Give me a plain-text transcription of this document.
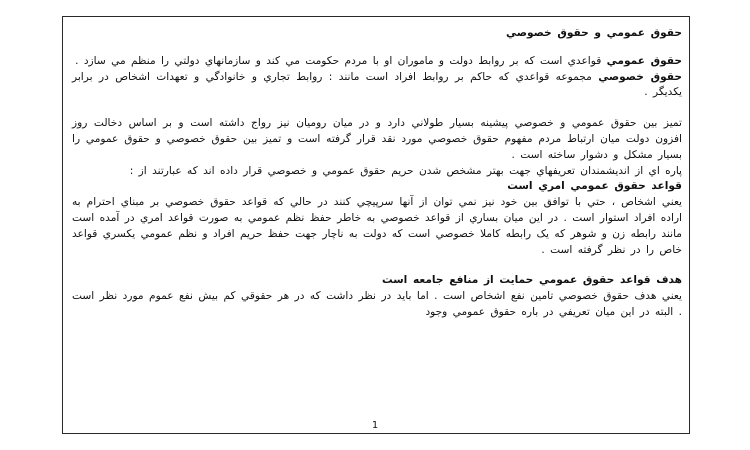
حقوق عمومي و حقوق خصوصي

حقوق عمومي قواعدي است که بر روابط دولت و ماموران او با مردم حکومت مي کند و سازمانهاي دولتي را منظم مي سازد .

حقوق خصوصي مجموعه قواعدي که حاکم بر روابط افراد است مانند : روابط تجاري و خانوادگي و تعهدات اشخاص در برابر يکديگر .

تميز بين حقوق عمومي و خصوصي پيشينه بسيار طولاني دارد و در ميان رومیان نيز رواج داشته است و بر اساس دخالت روز افزون دولت ميان ارتباط مردم مفهوم حقوق خصوصي مورد نقد قرار گرفته است و تميز بين حقوق خصوصي و حقوق عمومي را بسيار مشکل و دشوار ساخته است .

پاره اي از انديشمندان تعريفهاي جهت بهتر مشخص شدن حريم حقوق عمومي و خصوصي قرار داده اند که عبارتند از :

قواعد حقوق عمومي امري است

يعني اشخاص ، حتي با توافق بين خود نيز نمي توان از آنها سرپيچي کنند در حالي که قواعد حقوق خصوصي بر مبناي احترام به اراده افراد استوار است . در اين ميان بساري از قواعد خصوصي به خاطر حفظ نظم عمومي به صورت قواعد امري در آمده است مانند رابطه زن و شوهر که يک رابطه کاملا خصوصي است که دولت به ناچار جهت حفظ حريم افراد و نظم عمومي يکسري قواعد خاص را در نظر گرفته است .

هدف قواعد حقوق عمومي حمايت از منافع جامعه است

يعني هدف حقوق خصوصي تامين نفع اشخاص است . اما بايد در نظر داشت که در هر حقوقي کم بيش نفع عموم مورد نظر است . البته در اين ميان تعريفي در باره حقوق عمومي وجود

1
